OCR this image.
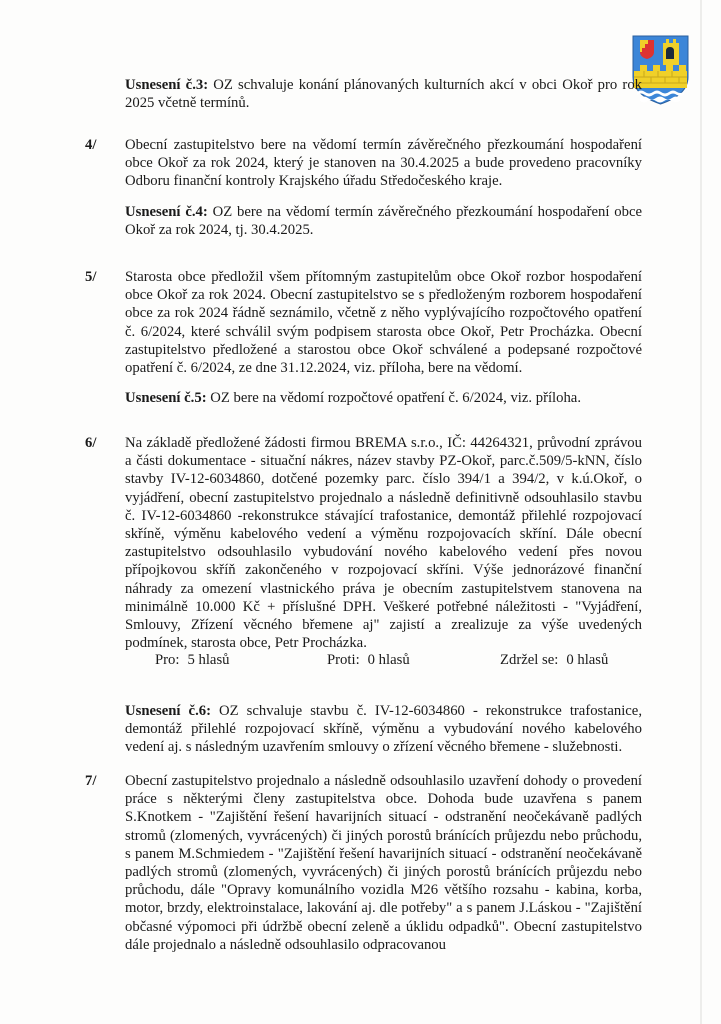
Usnesení č.3: OZ schvaluje konání plánovaných kulturních akcí v obci Okoř pro rok 2025 včetně termínů.

4/	Obecní zastupitelstvo bere na vědomí termín závěrečného přezkoumání hospodaření obce Okoř za rok 2024, který je stanoven na 30.4.2025 a bude provedeno pracovníky Odboru finanční kontroly Krajského úřadu Středočeského kraje.

Usnesení č.4: OZ bere na vědomí termín závěrečného přezkoumání hospodaření obce Okoř za rok 2024, tj. 30.4.2025.

5/	Starosta obce předložil všem přítomným zastupitelům obce Okoř rozbor hospodaření obce Okoř za rok 2024. Obecní zastupitelstvo se s předloženým rozborem hospodaření obce za rok 2024 řádně seznámilo, včetně z něho vyplývajícího rozpočtového opatření č. 6/2024, které schválil svým podpisem starosta obce Okoř, Petr Procházka. Obecní zastupitelstvo předložené a starostou obce Okoř schválené a podepsané rozpočtové opatření č. 6/2024, ze dne 31.12.2024, viz. příloha, bere na vědomí.

Usnesení č.5: OZ bere na vědomí rozpočtové opatření č. 6/2024, viz. příloha.

6/	Na základě předložené žádosti firmou BREMA s.r.o., IČ: 44264321, průvodní zprávou a části dokumentace - situační nákres, název stavby PZ-Okoř, parc.č.509/5-kNN, číslo stavby IV-12-6034860, dotčené pozemky parc. číslo 394/1 a 394/2, v k.ú.Okoř, o vyjádření, obecní zastupitelstvo projednalo a následně definitivně odsouhlasilo stavbu č. IV-12-6034860 -rekonstrukce stávající trafostanice, demontáž přilehlé rozpojovací skříně, výměnu kabelového vedení a výměnu rozpojovacích skříní. Dále obecní zastupitelstvo odsouhlasilo vybudování nového kabelového vedení přes novou přípojkovou skříň zakončeného v rozpojovací skříni. Výše jednorázové finanční náhrady za omezení vlastnického práva je obecním zastupitelstvem stanovena na minimálně 10.000 Kč + příslušné DPH. Veškeré potřebné náležitosti - "Vyjádření, Smlouvy, Zřízení věcného břemene aj" zajistí a zrealizuje za výše uvedených podmínek, starosta obce, Petr Procházka.

Pro: 5 hlasů	Proti: 0 hlasů	Zdržel se: 0 hlasů

Usnesení č.6: OZ schvaluje stavbu č. IV-12-6034860 - rekonstrukce trafostanice, demontáž přilehlé rozpojovací skříně, výměnu a vybudování nového kabelového vedení aj. s následným uzavřením smlouvy o zřízení věcného břemene - služebnosti.

7/	Obecní zastupitelstvo projednalo a následně odsouhlasilo uzavření dohody o provedení práce s některými členy zastupitelstva obce. Dohoda bude uzavřena s panem S.Knotkem - "Zajištění řešení havarijních situací - odstranění neočekávaně padlých stromů (zlomených, vyvrácených) či jiných porostů bránících průjezdu nebo průchodu, s panem M.Schmiedem - "Zajištění řešení havarijních situací - odstranění neočekávaně padlých stromů (zlomených, vyvrácených) či jiných porostů bránících průjezdu nebo průchodu, dále "Opravy komunálního vozidla M26 většího rozsahu - kabina, korba, motor, brzdy, elektroinstalace, lakování aj. dle potřeby" a s panem J.Láskou - "Zajištění občasné výpomoci při údržbě obecní zeleně a úklidu odpadků". Obecní zastupitelstvo dále projednalo a následně odsouhlasilo odpracovanou
